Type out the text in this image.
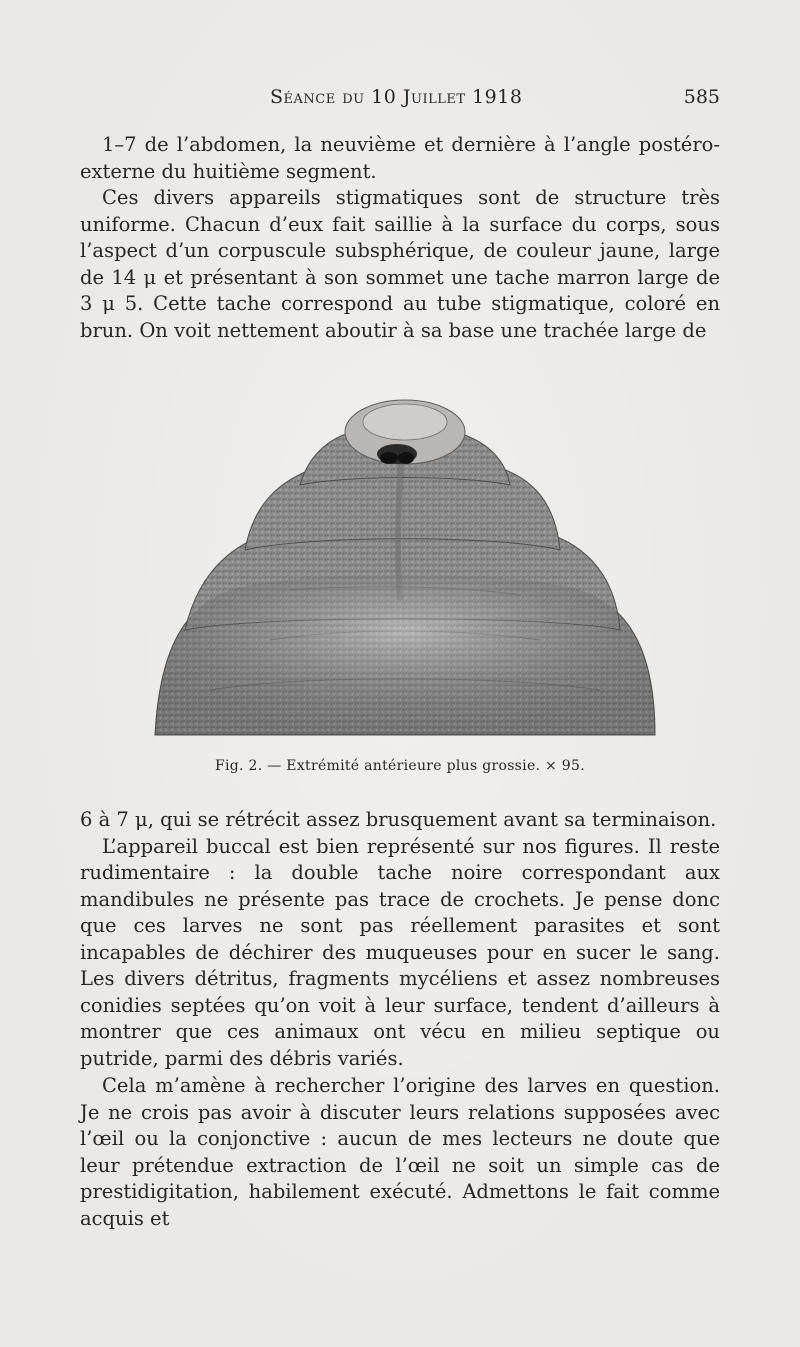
Séance du 10 Juillet 1918	585

1–7 de l’abdomen, la neuvième et dernière à l’angle postéro-externe du huitième segment.
Ces divers appareils stigmatiques sont de structure très uniforme. Chacun d’eux fait saillie à la surface du corps, sous l’aspect d’un corpuscule subsphérique, de couleur jaune, large de 14 μ et présentant à son sommet une tache marron large de 3 μ 5. Cette tache correspond au tube stigmatique, coloré en brun. On voit nettement aboutir à sa base une trachée large de

Fig. 2. — Extrémité antérieure plus grossie. × 95.

6 à 7 μ, qui se rétrécit assez brusquement avant sa terminaison.
L’appareil buccal est bien représenté sur nos figures. Il reste rudimentaire : la double tache noire correspondant aux mandibules ne présente pas trace de crochets. Je pense donc que ces larves ne sont pas réellement parasites et sont incapables de déchirer des muqueuses pour en sucer le sang. Les divers détritus, fragments mycéliens et assez nombreuses conidies septées qu’on voit à leur surface, tendent d’ailleurs à montrer que ces animaux ont vécu en milieu septique ou putride, parmi des débris variés.

Cela m’amène à rechercher l’origine des larves en question. Je ne crois pas avoir à discuter leurs relations supposées avec l’œil ou la conjonctive : aucun de mes lecteurs ne doute que leur prétendue extraction de l’œil ne soit un simple cas de prestidigitation, habilement exécuté. Admettons le fait comme acquis et
